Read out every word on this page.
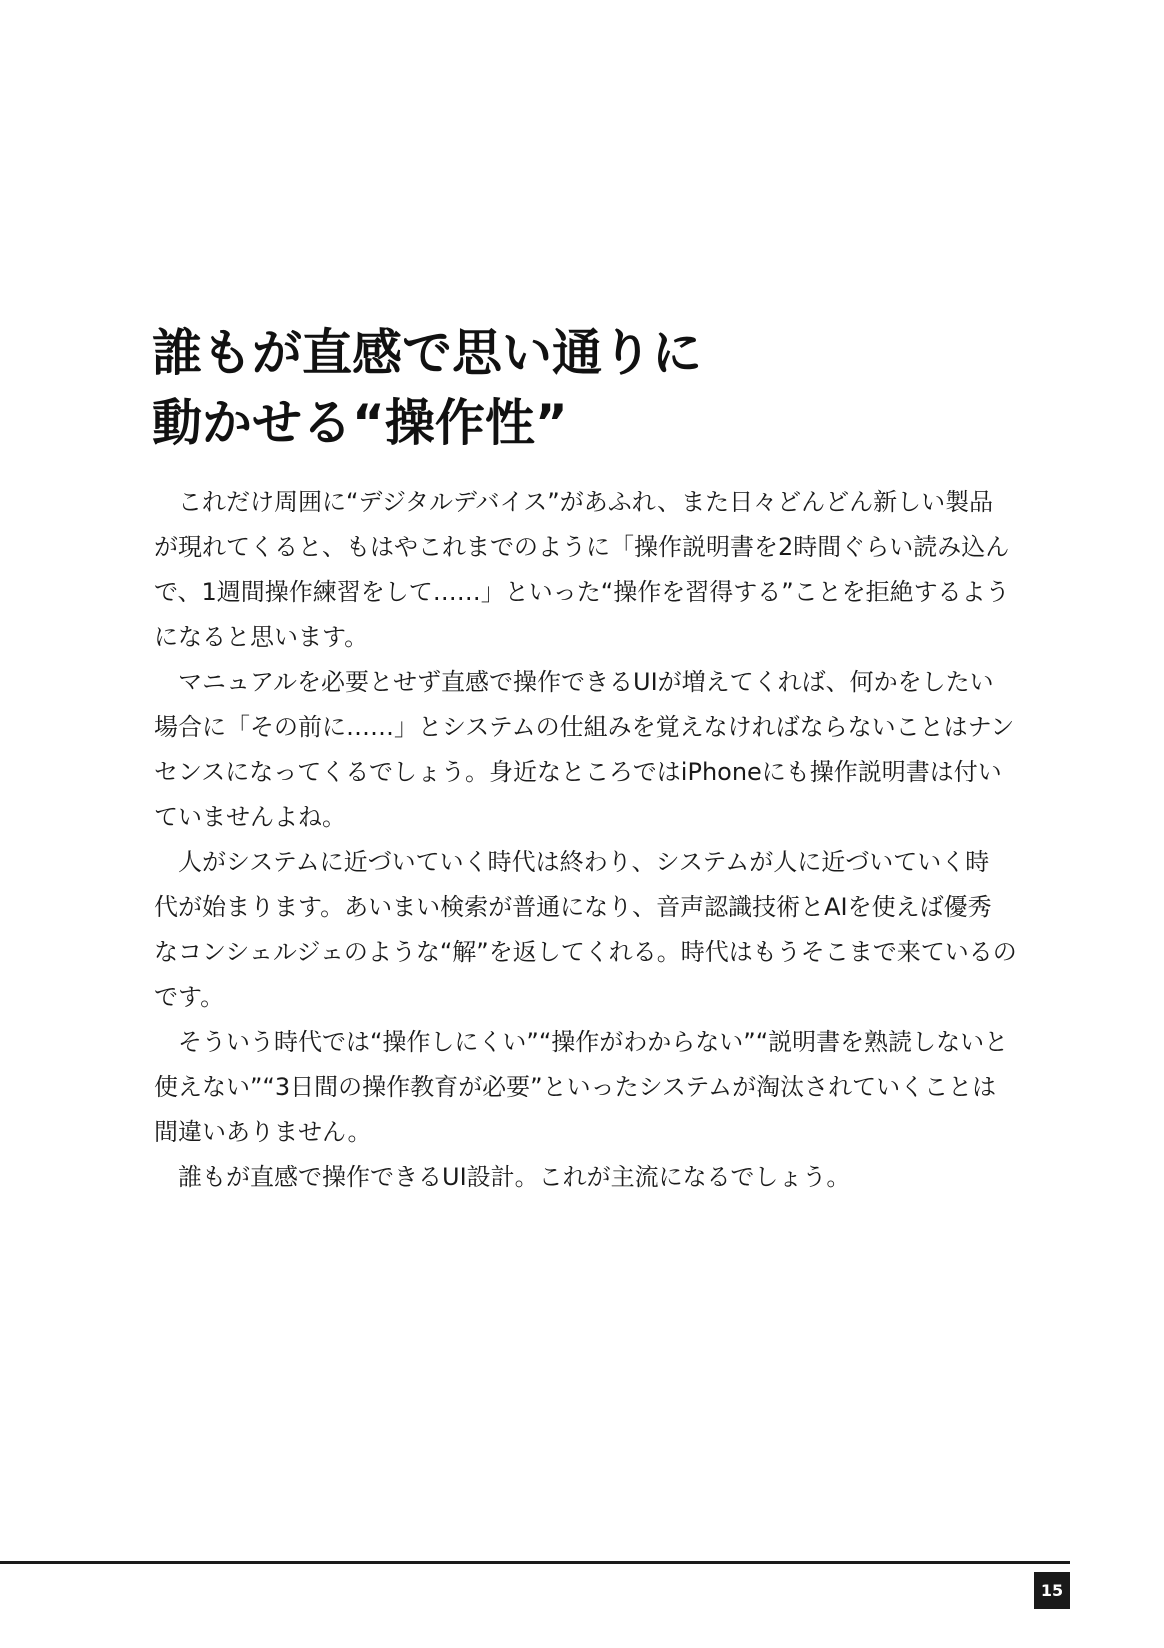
誰もが直感で思い通りに
動かせる“操作性”
　これだけ周囲に“デジタルデバイス”があふれ、また日々どんどん新しい製品
が現れてくると、もはやこれまでのように「操作説明書を2時間ぐらい読み込ん
で、1週間操作練習をして……」といった“操作を習得する”ことを拒絶するよう
になると思います。
　マニュアルを必要とせず直感で操作できるUIが増えてくれば、何かをしたい
場合に「その前に……」とシステムの仕組みを覚えなければならないことはナン
センスになってくるでしょう。身近なところではiPhoneにも操作説明書は付い
ていませんよね。
　人がシステムに近づいていく時代は終わり、システムが人に近づいていく時
代が始まります。あいまい検索が普通になり、音声認識技術とAIを使えば優秀
なコンシェルジェのような“解”を返してくれる。時代はもうそこまで来ているの
です。
　そういう時代では“操作しにくい”“操作がわからない”“説明書を熟読しないと
使えない”“3日間の操作教育が必要”といったシステムが淘汰されていくことは
間違いありません。
　誰もが直感で操作できるUI設計。これが主流になるでしょう。
15
